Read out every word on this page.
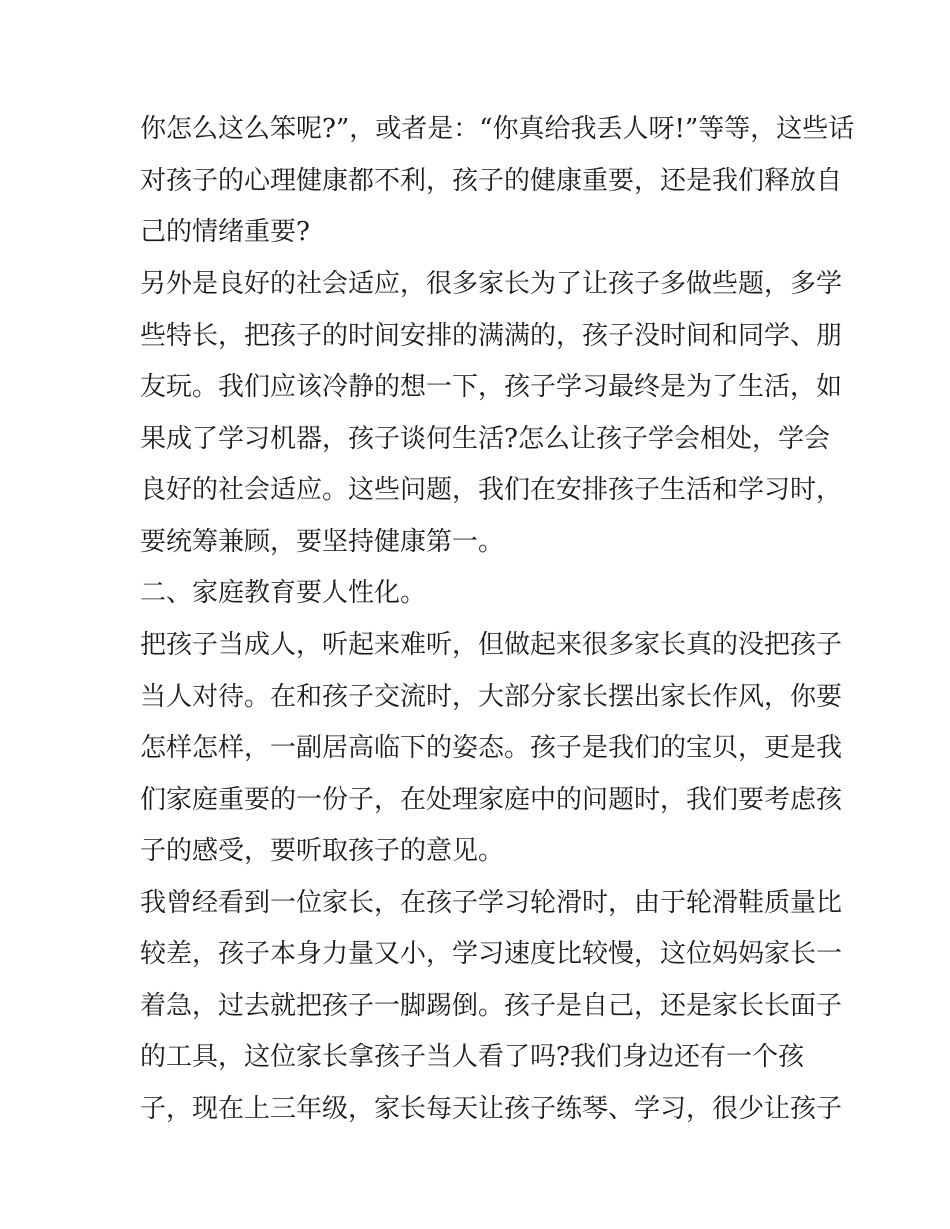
你怎么这么笨呢?”，或者是：“你真给我丢人呀!”等等，这些话
对孩子的心理健康都不利，孩子的健康重要，还是我们释放自
己的情绪重要?
另外是良好的社会适应，很多家长为了让孩子多做些题，多学
些特长，把孩子的时间安排的满满的，孩子没时间和同学、朋
友玩。我们应该冷静的想一下，孩子学习最终是为了生活，如
果成了学习机器，孩子谈何生活?怎么让孩子学会相处，学会
良好的社会适应。这些问题，我们在安排孩子生活和学习时，
要统筹兼顾，要坚持健康第一。
二、家庭教育要人性化。
把孩子当成人，听起来难听，但做起来很多家长真的没把孩子
当人对待。在和孩子交流时，大部分家长摆出家长作风，你要
怎样怎样，一副居高临下的姿态。孩子是我们的宝贝，更是我
们家庭重要的一份子，在处理家庭中的问题时，我们要考虑孩
子的感受，要听取孩子的意见。
我曾经看到一位家长，在孩子学习轮滑时，由于轮滑鞋质量比
较差，孩子本身力量又小，学习速度比较慢，这位妈妈家长一
着急，过去就把孩子一脚踢倒。孩子是自己，还是家长长面子
的工具，这位家长拿孩子当人看了吗?我们身边还有一个孩
子，现在上三年级，家长每天让孩子练琴、学习，很少让孩子
